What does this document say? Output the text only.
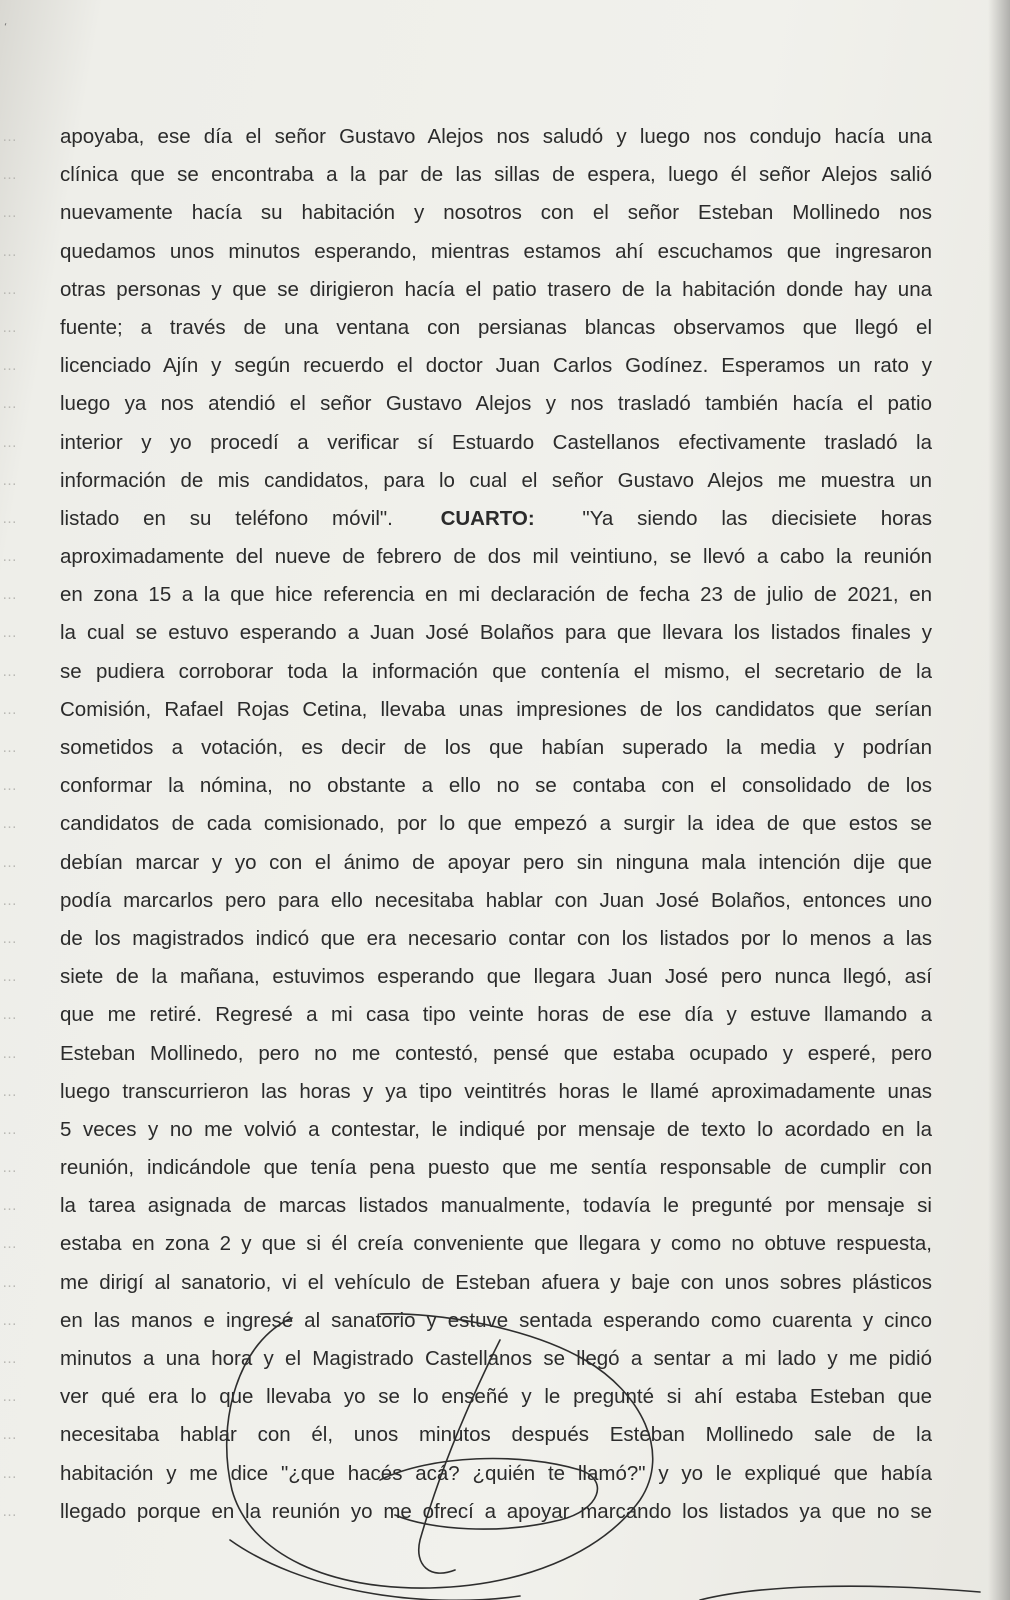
‘
…	apoyaba, ese día el señor Gustavo Alejos nos saludó y luego nos condujo hacía una
…	clínica que se encontraba a la par de las sillas de espera, luego él señor Alejos salió
…	nuevamente hacía su habitación y nosotros con el señor Esteban Mollinedo nos
…	quedamos unos minutos esperando, mientras estamos ahí escuchamos que ingresaron
…	otras personas y que se dirigieron hacía el patio trasero de la habitación donde hay una
…	fuente; a través de una ventana con persianas blancas observamos que llegó el
…	licenciado Ajín y según recuerdo el doctor Juan Carlos Godínez. Esperamos un rato y
…	luego ya nos atendió el señor Gustavo Alejos y nos trasladó también hacía el patio
…	interior y yo procedí a verificar sí Estuardo Castellanos efectivamente trasladó la
…	información de mis candidatos, para lo cual el señor Gustavo Alejos me muestra un
…	listado en su teléfono móvil". CUARTO: "Ya siendo las diecisiete horas
…	aproximadamente del nueve de febrero de dos mil veintiuno, se llevó a cabo la reunión
…	en zona 15 a la que hice referencia en mi declaración de fecha 23 de julio de 2021, en
…	la cual se estuvo esperando a Juan José Bolaños para que llevara los listados finales y
…	se pudiera corroborar toda la información que contenía el mismo, el secretario de la
…	Comisión, Rafael Rojas Cetina, llevaba unas impresiones de los candidatos que serían
…	sometidos a votación, es decir de los que habían superado la media y podrían
…	conformar la nómina, no obstante a ello no se contaba con el consolidado de los
…	candidatos de cada comisionado, por lo que empezó a surgir la idea de que estos se
…	debían marcar y yo con el ánimo de apoyar pero sin ninguna mala intención dije que
…	podía marcarlos pero para ello necesitaba hablar con Juan José Bolaños, entonces uno
…	de los magistrados indicó que era necesario contar con los listados por lo menos a las
…	siete de la mañana, estuvimos esperando que llegara Juan José pero nunca llegó, así
…	que me retiré. Regresé a mi casa tipo veinte horas de ese día y estuve llamando a
…	Esteban Mollinedo, pero no me contestó, pensé que estaba ocupado y esperé, pero
…	luego transcurrieron las horas y ya tipo veintitrés horas le llamé aproximadamente unas
…	5 veces y no me volvió a contestar, le indiqué por mensaje de texto lo acordado en la
…	reunión, indicándole que tenía pena puesto que me sentía responsable de cumplir con
…	la tarea asignada de marcas listados manualmente, todavía le pregunté por mensaje si
…	estaba en zona 2 y que si él creía conveniente que llegara y como no obtuve respuesta,
…	me dirigí al sanatorio, vi el vehículo de Esteban afuera y baje con unos sobres plásticos
…	en las manos e ingresé al sanatorio y estuve sentada esperando como cuarenta y cinco
…	minutos a una hora y el Magistrado Castellanos se llegó a sentar a mi lado y me pidió
…	ver qué era lo que llevaba yo se lo enseñé y le pregunté si ahí estaba Esteban que
…	necesitaba hablar con él, unos minutos después Esteban Mollinedo sale de la
…	habitación y me dice "¿que hacés acá? ¿quién te llamó?" y yo le expliqué que había
…	llegado porque en la reunión yo me ofrecí a apoyar marcando los listados ya que no se
